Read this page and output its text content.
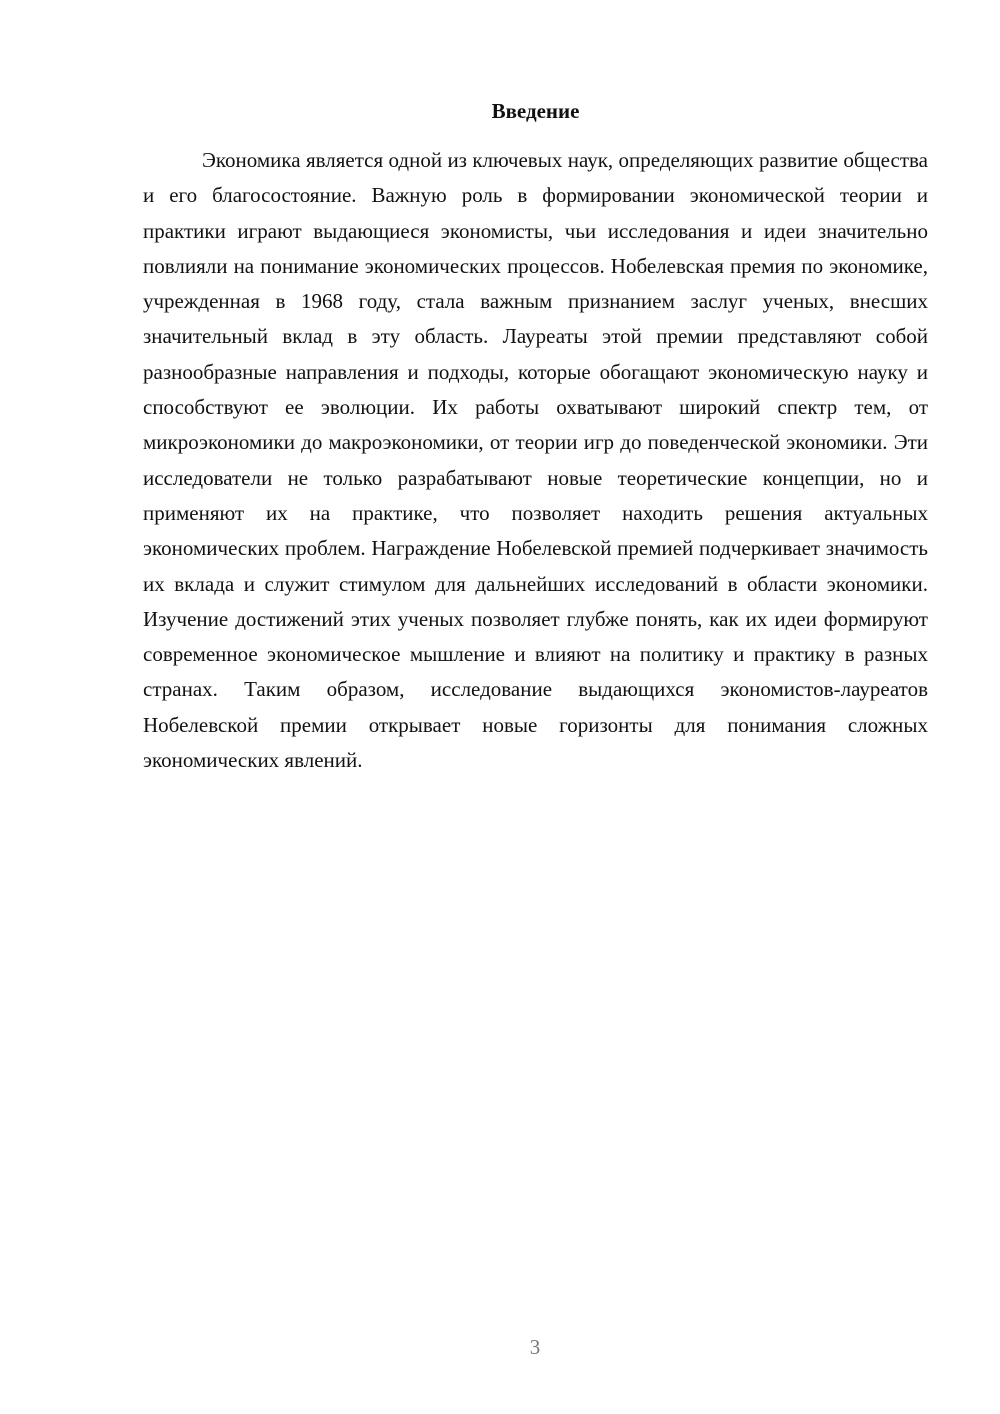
Введение

Экономика является одной из ключевых наук, определяющих развитие общества и его благосостояние. Важную роль в формировании экономической теории и практики играют выдающиеся экономисты, чьи исследования и идеи значительно повлияли на понимание экономических процессов. Нобелевская премия по экономике, учрежденная в 1968 году, стала важным признанием заслуг ученых, внесших значительный вклад в эту область. Лауреаты этой премии представляют собой разнообразные направления и подходы, которые обогащают экономическую науку и способствуют ее эволюции. Их работы охватывают широкий спектр тем, от микроэкономики до макроэкономики, от теории игр до поведенческой экономики. Эти исследователи не только разрабатывают новые теоретические концепции, но и применяют их на практике, что позволяет находить решения актуальных экономических проблем. Награждение Нобелевской премией подчеркивает значимость их вклада и служит стимулом для дальнейших исследований в области экономики. Изучение достижений этих ученых позволяет глубже понять, как их идеи формируют современное экономическое мышление и влияют на политику и практику в разных странах. Таким образом, исследование выдающихся экономистов-лауреатов Нобелевской премии открывает новые горизонты для понимания сложных экономических явлений.

3
